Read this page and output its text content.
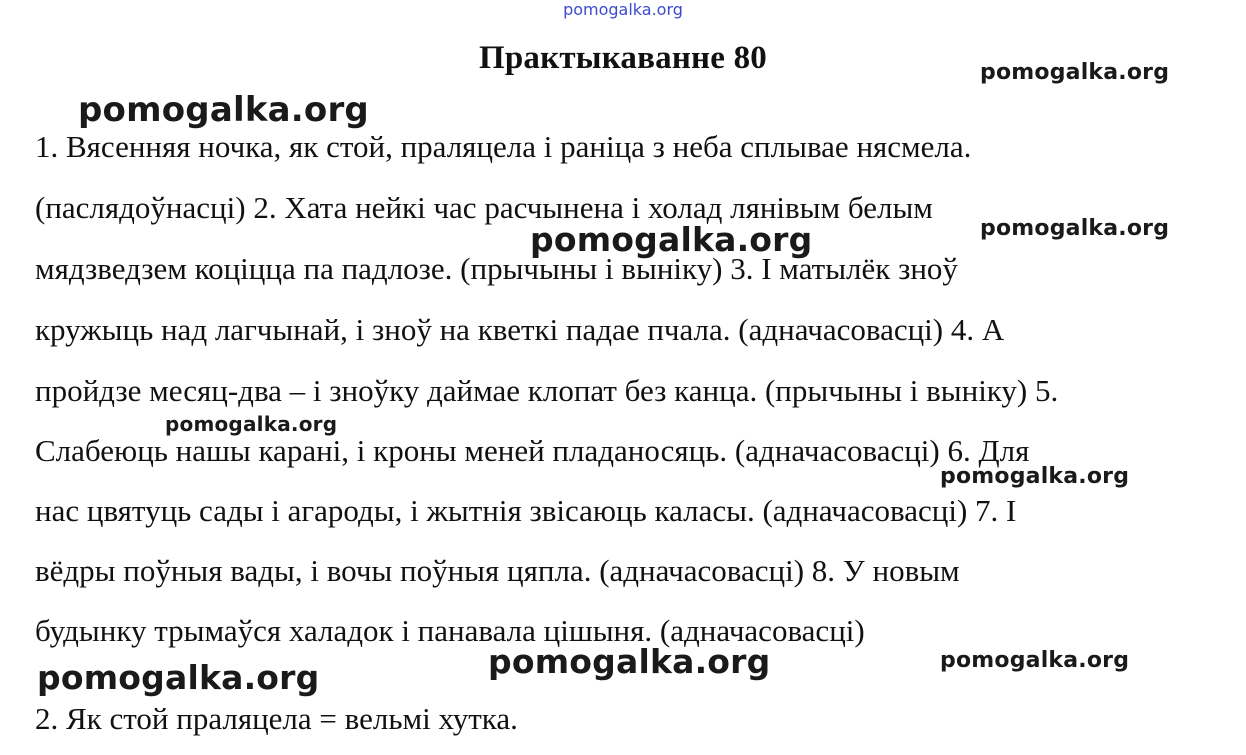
pomogalka.org
Практыкаванне 80
1. Вясенняя ночка, як стой, праляцела і раніца з неба сплывае нясмела.
(паслядоўнасці) 2. Хата нейкі час расчынена і холад лянівым белым
мядзведзем коціцца па падлозе. (прычыны і выніку) 3. І матылёк зноў
кружыць над лагчынай, і зноў на кветкі падае пчала. (адначасовасці) 4. А
пройдзе месяц-два – і зноўку даймае клопат без канца. (прычыны і выніку) 5.
Слабеюць нашы карані, і кроны меней пладаносяць. (адначасовасці) 6. Для
нас цвятуць сады і агароды, і жытнія звісаюць каласы. (адначасовасці) 7. І
вёдры поўныя вады, і вочы поўныя цяпла. (адначасовасці) 8. У новым
будынку трымаўся халадок і панавала цішыня. (адначасовасці)
2. Як стой праляцела = вельмі хутка.
pomogalka.org
pomogalka.org
pomogalka.org
pomogalka.org
pomogalka.org
pomogalka.org
pomogalka.org	pomogalka.org
pomogalka.org
